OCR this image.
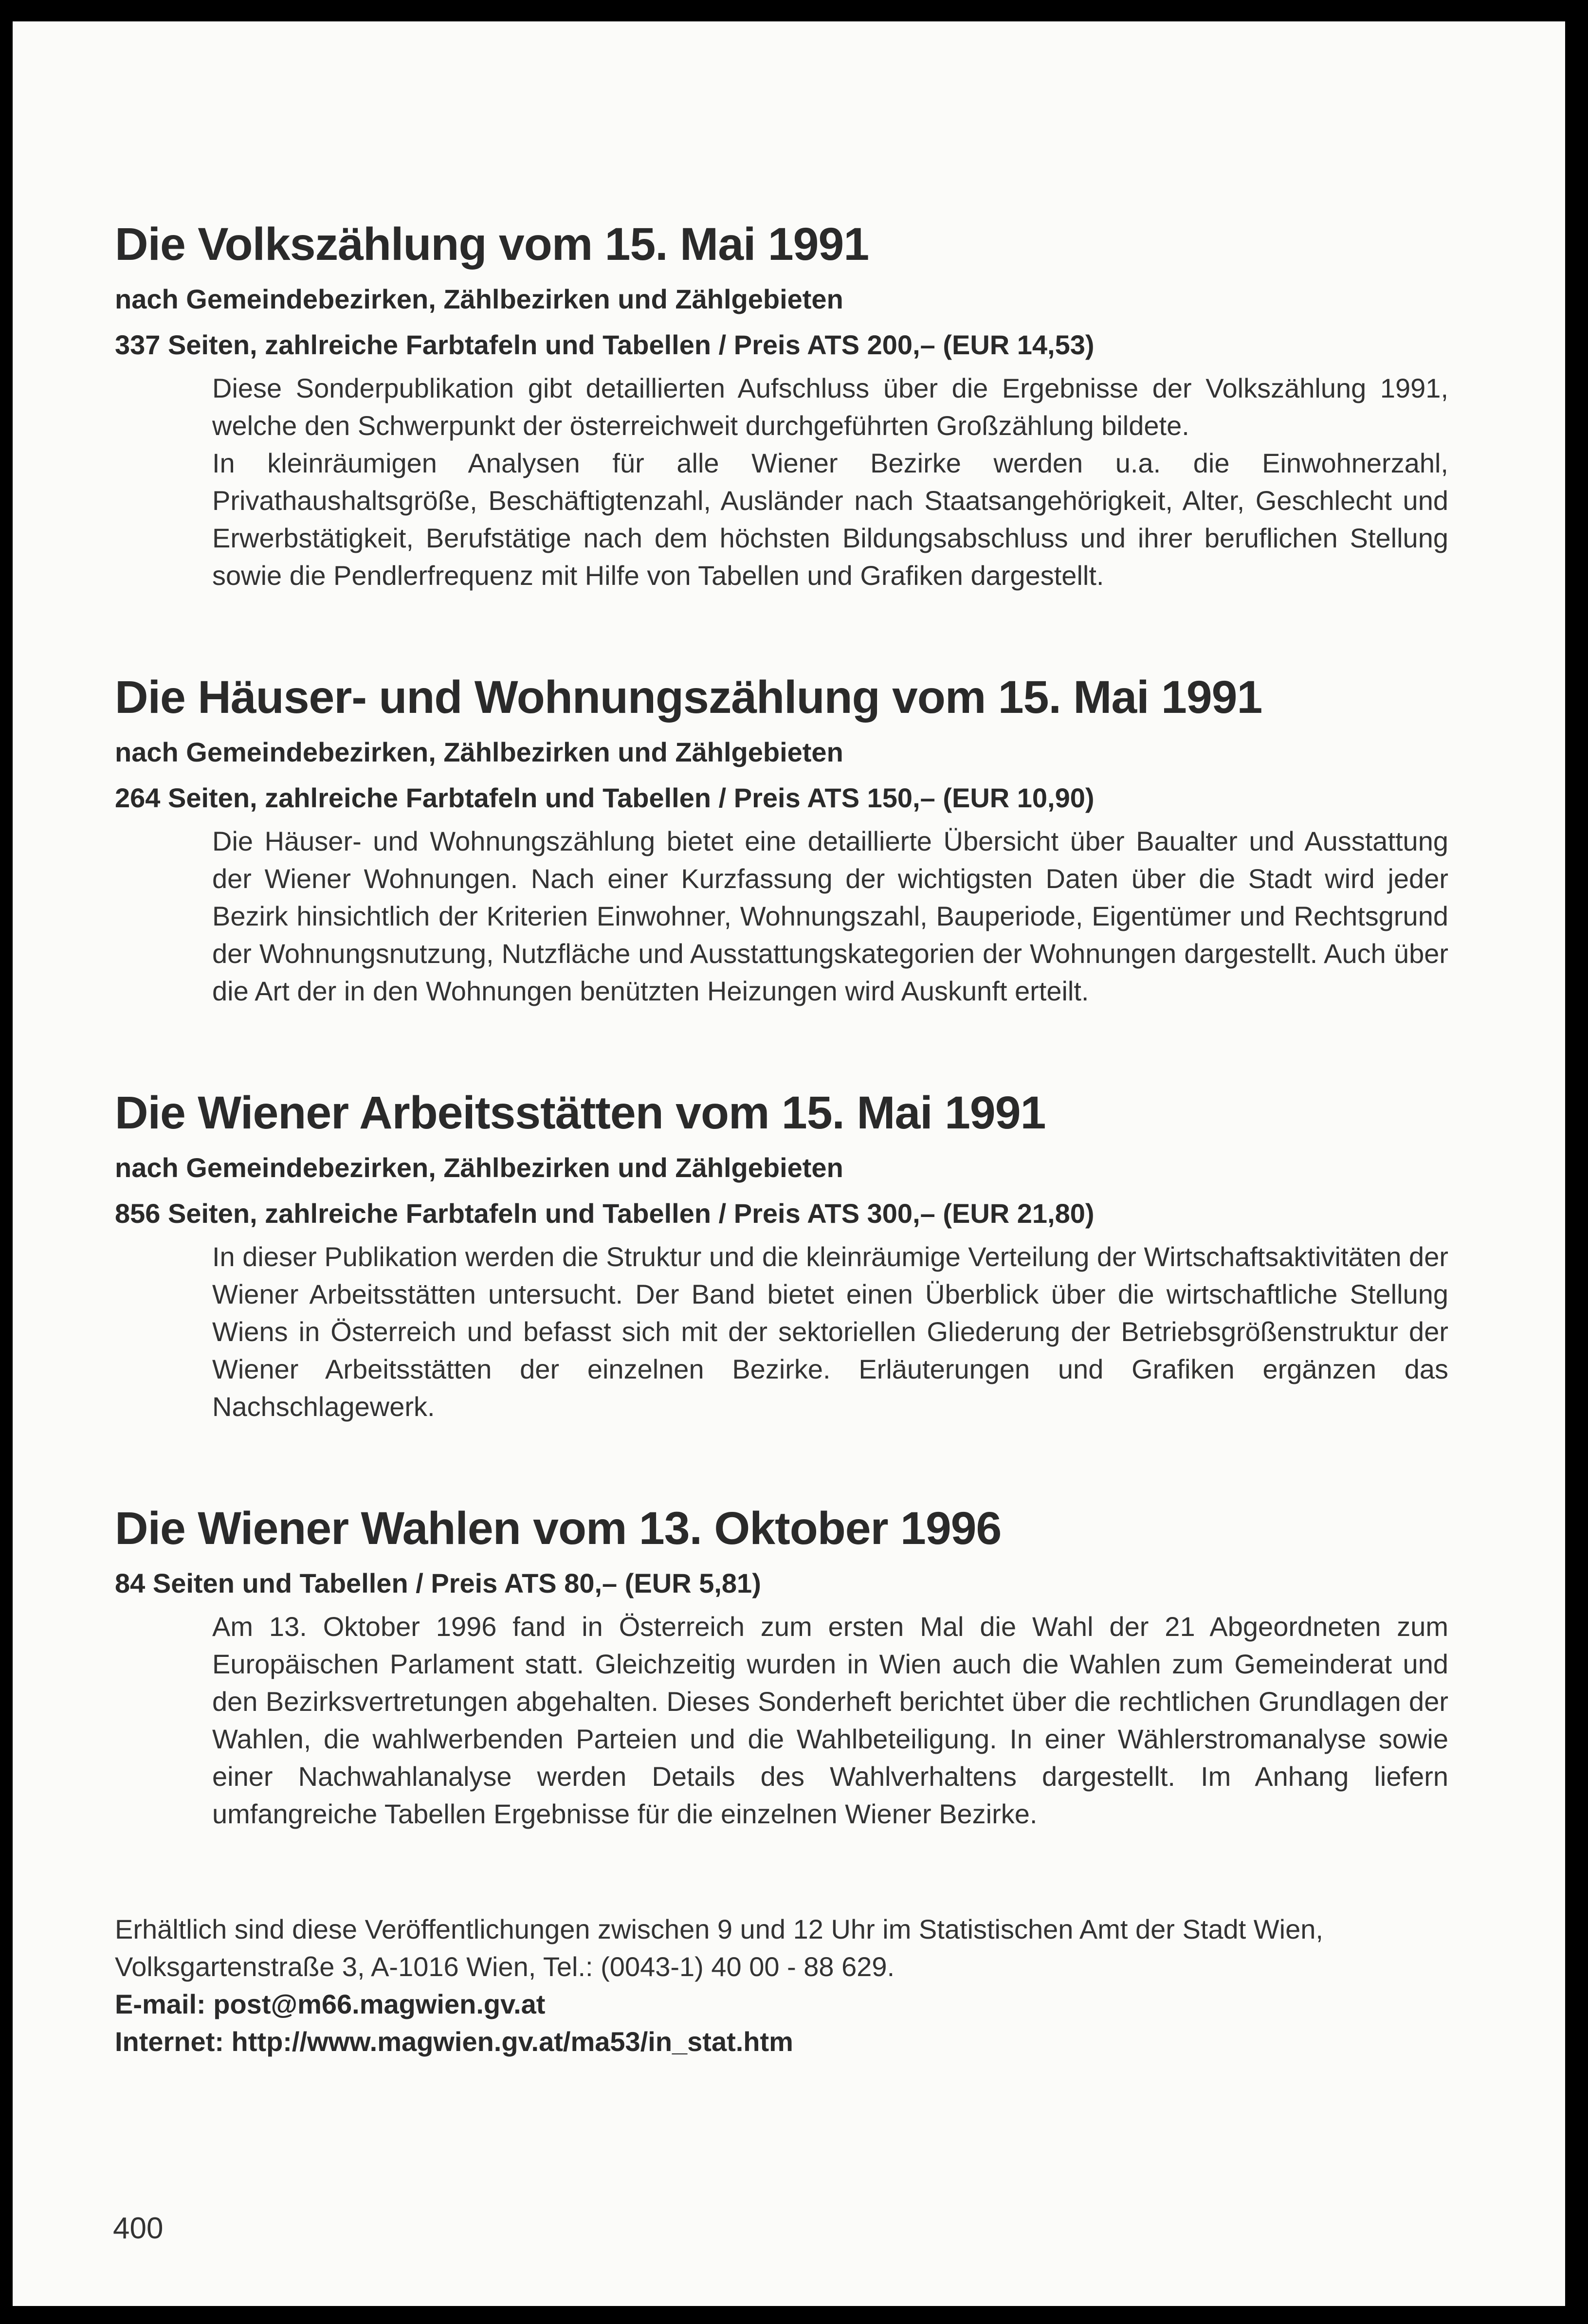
Die Volkszählung vom 15. Mai 1991
nach Gemeindebezirken, Zählbezirken und Zählgebieten
337 Seiten, zahlreiche Farbtafeln und Tabellen / Preis ATS 200,– (EUR 14,53)

Diese Sonderpublikation gibt detaillierten Aufschluss über die Ergebnisse der Volkszählung 1991, welche den Schwerpunkt der österreichweit durchgeführten Großzählung bildete.

In kleinräumigen Analysen für alle Wiener Bezirke werden u.a. die Einwohnerzahl, Privathaushaltsgröße, Beschäftigtenzahl, Ausländer nach Staatsangehörigkeit, Alter, Geschlecht und Erwerbstätigkeit, Berufstätige nach dem höchsten Bildungsabschluss und ihrer beruflichen Stellung sowie die Pendlerfrequenz mit Hilfe von Tabellen und Grafiken dargestellt.

Die Häuser- und Wohnungszählung vom 15. Mai 1991
nach Gemeindebezirken, Zählbezirken und Zählgebieten
264 Seiten, zahlreiche Farbtafeln und Tabellen / Preis ATS 150,– (EUR 10,90)

Die Häuser- und Wohnungszählung bietet eine detaillierte Übersicht über Baualter und Ausstattung der Wiener Wohnungen. Nach einer Kurzfassung der wichtigsten Daten über die Stadt wird jeder Bezirk hinsichtlich der Kriterien Einwohner, Wohnungszahl, Bauperiode, Eigentümer und Rechtsgrund der Wohnungsnutzung, Nutzfläche und Ausstattungskategorien der Wohnungen dargestellt. Auch über die Art der in den Wohnungen benützten Heizungen wird Auskunft erteilt.

Die Wiener Arbeitsstätten vom 15. Mai 1991
nach Gemeindebezirken, Zählbezirken und Zählgebieten
856 Seiten, zahlreiche Farbtafeln und Tabellen / Preis ATS 300,– (EUR 21,80)

In dieser Publikation werden die Struktur und die kleinräumige Verteilung der Wirtschaftsaktivitäten der Wiener Arbeitsstätten untersucht. Der Band bietet einen Überblick über die wirtschaftliche Stellung Wiens in Österreich und befasst sich mit der sektoriellen Gliederung der Betriebsgrößenstruktur der Wiener Arbeitsstätten der einzelnen Bezirke. Erläuterungen und Grafiken ergänzen das Nachschlagewerk.

Die Wiener Wahlen vom 13. Oktober 1996
84 Seiten und Tabellen / Preis ATS 80,– (EUR 5,81)

Am 13. Oktober 1996 fand in Österreich zum ersten Mal die Wahl der 21 Abgeordneten zum Europäischen Parlament statt. Gleichzeitig wurden in Wien auch die Wahlen zum Gemeinderat und den Bezirksvertretungen abgehalten. Dieses Sonderheft berichtet über die rechtlichen Grundlagen der Wahlen, die wahlwerbenden Parteien und die Wahlbeteiligung. In einer Wählerstromanalyse sowie einer Nachwahlanalyse werden Details des Wahlverhaltens dargestellt. Im Anhang liefern umfangreiche Tabellen Ergebnisse für die einzelnen Wiener Bezirke.

Erhältlich sind diese Veröffentlichungen zwischen 9 und 12 Uhr im Statistischen Amt der Stadt Wien,

Volksgartenstraße 3, A-1016 Wien, Tel.: (0043-1) 40 00 - 88 629.

E-mail: post@m66.magwien.gv.at

Internet: http://www.magwien.gv.at/ma53/in_stat.htm

400
